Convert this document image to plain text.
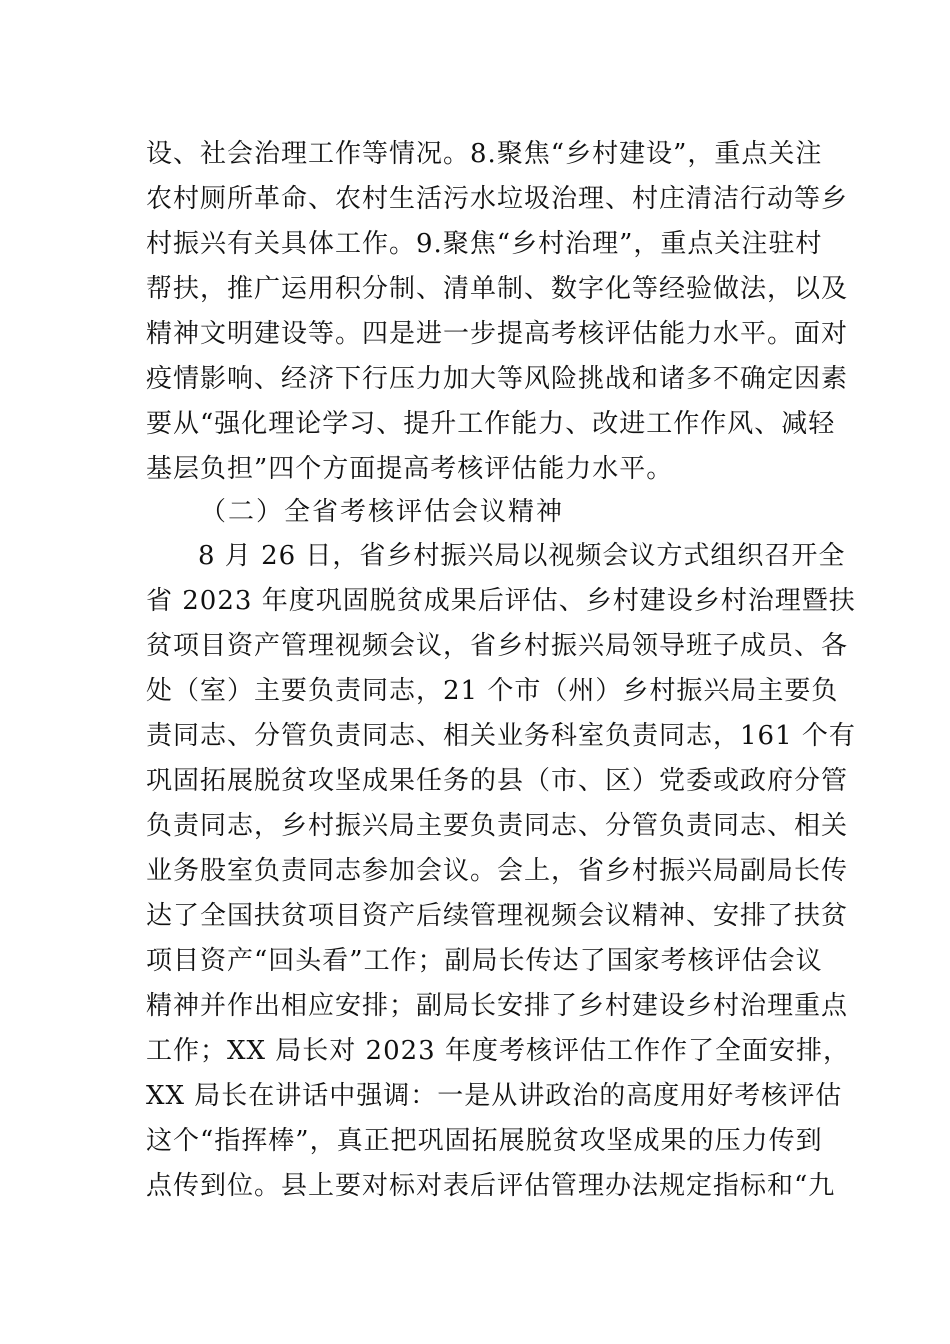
设、社会治理工作等情况。8.聚焦“乡村建设”，重点关注
农村厕所革命、农村生活污水垃圾治理、村庄清洁行动等乡
村振兴有关具体工作。9.聚焦“乡村治理”，重点关注驻村
帮扶，推广运用积分制、清单制、数字化等经验做法，以及
精神文明建设等。四是进一步提高考核评估能力水平。面对
疫情影响、经济下行压力加大等风险挑战和诸多不确定因素
要从“强化理论学习、提升工作能力、改进工作作风、减轻
基层负担”四个方面提高考核评估能力水平。
（二）全省考核评估会议精神
8 月 26 日，省乡村振兴局以视频会议方式组织召开全
省 2023 年度巩固脱贫成果后评估、乡村建设乡村治理暨扶
贫项目资产管理视频会议，省乡村振兴局领导班子成员、各
处（室）主要负责同志，21 个市（州）乡村振兴局主要负
责同志、分管负责同志、相关业务科室负责同志，161 个有
巩固拓展脱贫攻坚成果任务的县（市、区）党委或政府分管
负责同志，乡村振兴局主要负责同志、分管负责同志、相关
业务股室负责同志参加会议。会上，省乡村振兴局副局长传
达了全国扶贫项目资产后续管理视频会议精神、安排了扶贫
项目资产“回头看”工作；副局长传达了国家考核评估会议
精神并作出相应安排；副局长安排了乡村建设乡村治理重点
工作；XX 局长对 2023 年度考核评估工作作了全面安排，
XX 局长在讲话中强调：一是从讲政治的高度用好考核评估
这个“指挥棒”，真正把巩固拓展脱贫攻坚成果的压力传到
点传到位。县上要对标对表后评估管理办法规定指标和“九
